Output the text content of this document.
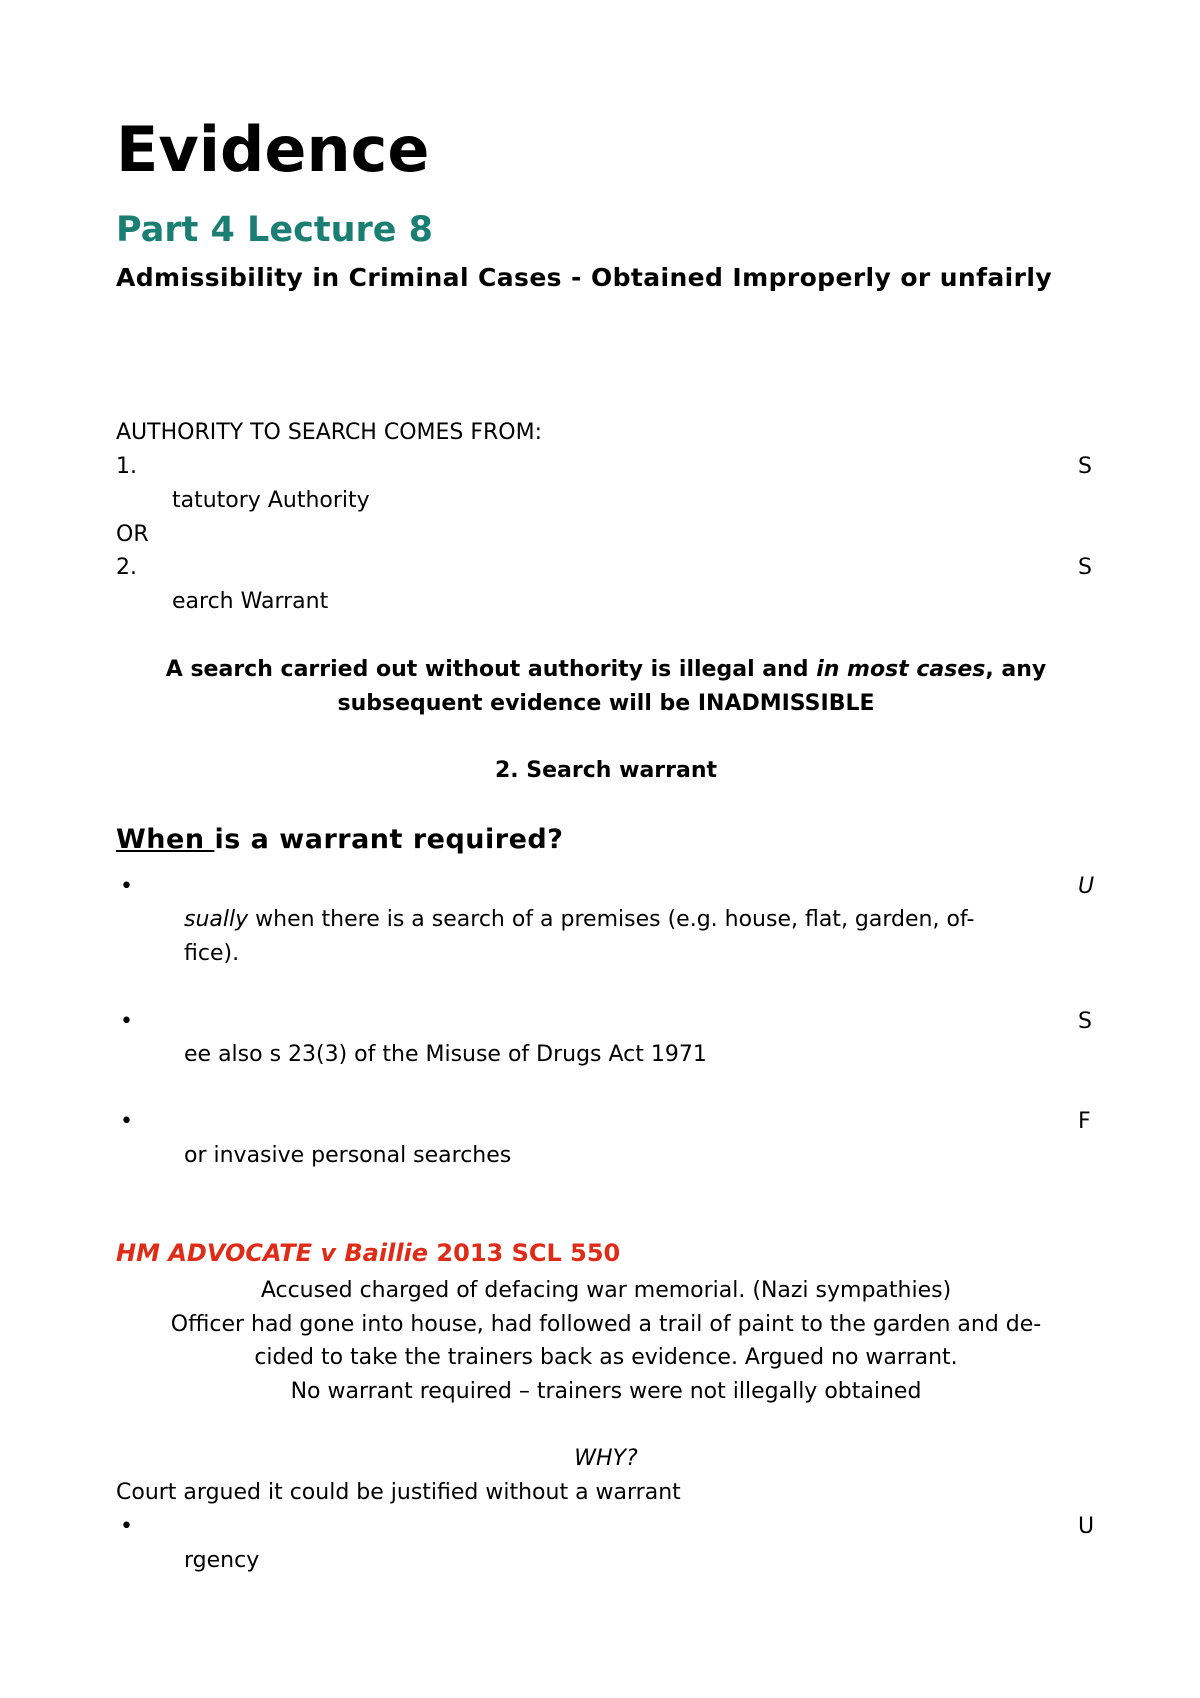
Evidence
Part 4 Lecture 8
Admissibility in Criminal Cases - Obtained Improperly or unfairly
AUTHORITY TO SEARCH COMES FROM:
1.	S
tatutory Authority
OR
2.	S
earch Warrant
A search carried out without authority is illegal and in most cases, any
subsequent evidence will be INADMISSIBLE
2. Search warrant
When is a warrant required?
•	U
sually when there is a search of a premises (e.g. house, flat, garden, of-
fice).
•	S
ee also s 23(3) of the Misuse of Drugs Act 1971
•	F
or invasive personal searches
HM ADVOCATE v Baillie 2013 SCL 550
Accused charged of defacing war memorial. (Nazi sympathies)
Officer had gone into house, had followed a trail of paint to the garden and de-
cided to take the trainers back as evidence. Argued no warrant.
No warrant required – trainers were not illegally obtained
WHY?
Court argued it could be justified without a warrant
•	U
rgency
